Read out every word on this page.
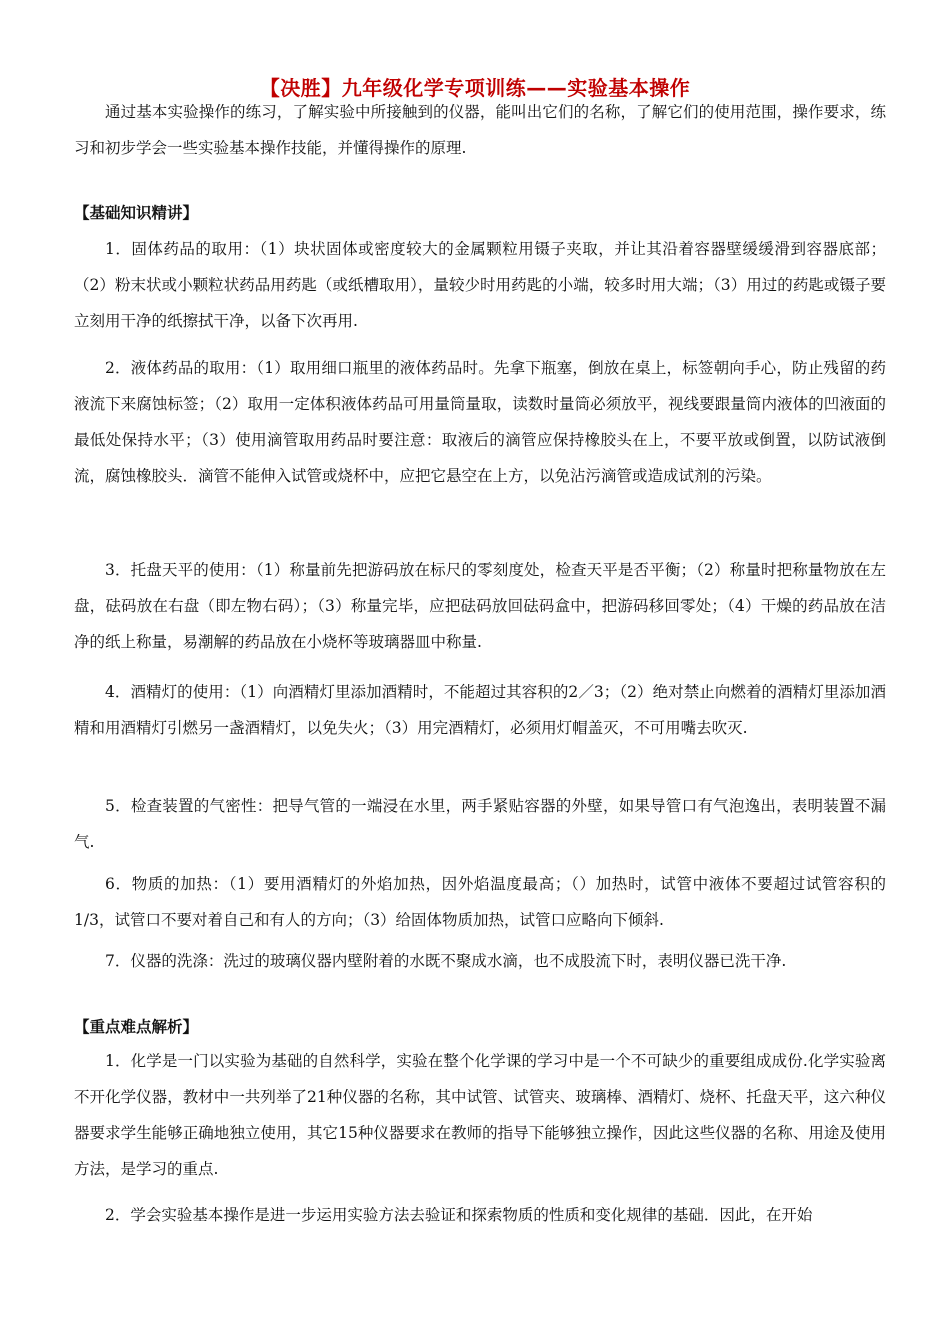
【决胜】九年级化学专项训练——实验基本操作

通过基本实验操作的练习，了解实验中所接触到的仪器，能叫出它们的名称，了解它们的使用范围，操作要求，练习和初步学会一些实验基本操作技能，并懂得操作的原理.

【基础知识精讲】

1．固体药品的取用：（1）块状固体或密度较大的金属颗粒用镊子夹取，并让其沿着容器壁缓缓滑到容器底部；（2）粉末状或小颗粒状药品用药匙（或纸槽取用），量较少时用药匙的小端，较多时用大端；（3）用过的药匙或镊子要立刻用干净的纸擦拭干净，以备下次再用.

2．液体药品的取用：（1）取用细口瓶里的液体药品时。先拿下瓶塞，倒放在桌上，标签朝向手心，防止残留的药液流下来腐蚀标签；（2）取用一定体积液体药品可用量筒量取，读数时量筒必须放平，视线要跟量筒内液体的凹液面的最低处保持水平；（3）使用滴管取用药品时要注意：取液后的滴管应保持橡胶头在上，不要平放或倒置，以防试液倒流，腐蚀橡胶头．滴管不能伸入试管或烧杯中，应把它悬空在上方，以免沾污滴管或造成试剂的污染。

3．托盘天平的使用：（1）称量前先把游码放在标尺的零刻度处，检查天平是否平衡；（2）称量时把称量物放在左盘，砝码放在右盘（即左物右码）；（3）称量完毕，应把砝码放回砝码盒中，把游码移回零处；（4）干燥的药品放在洁净的纸上称量，易潮解的药品放在小烧杯等玻璃器皿中称量.

4．酒精灯的使用：（1）向酒精灯里添加酒精时，不能超过其容积的2／3；（2）绝对禁止向燃着的酒精灯里添加酒精和用酒精灯引燃另一盏酒精灯，以免失火；（3）用完酒精灯，必须用灯帽盖灭，不可用嘴去吹灭.

5．检查装置的气密性：把导气管的一端浸在水里，两手紧贴容器的外壁，如果导管口有气泡逸出，表明装置不漏气.

6．物质的加热：（1）要用酒精灯的外焰加热，因外焰温度最高；（）加热时，试管中液体不要超过试管容积的1/3，试管口不要对着自己和有人的方向；（3）给固体物质加热，试管口应略向下倾斜.

7．仪器的洗涤：洗过的玻璃仪器内壁附着的水既不聚成水滴，也不成股流下时，表明仪器已洗干净.

【重点难点解析】

1．化学是一门以实验为基础的自然科学，实验在整个化学课的学习中是一个不可缺少的重要组成成份.化学实验离不开化学仪器，教材中一共列举了21种仪器的名称，其中试管、试管夹、玻璃棒、酒精灯、烧杯、托盘天平，这六种仪器要求学生能够正确地独立使用，其它15种仪器要求在教师的指导下能够独立操作，因此这些仪器的名称、用途及使用方法，是学习的重点.

2．学会实验基本操作是进一步运用实验方法去验证和探索物质的性质和变化规律的基础．因此，在开始
